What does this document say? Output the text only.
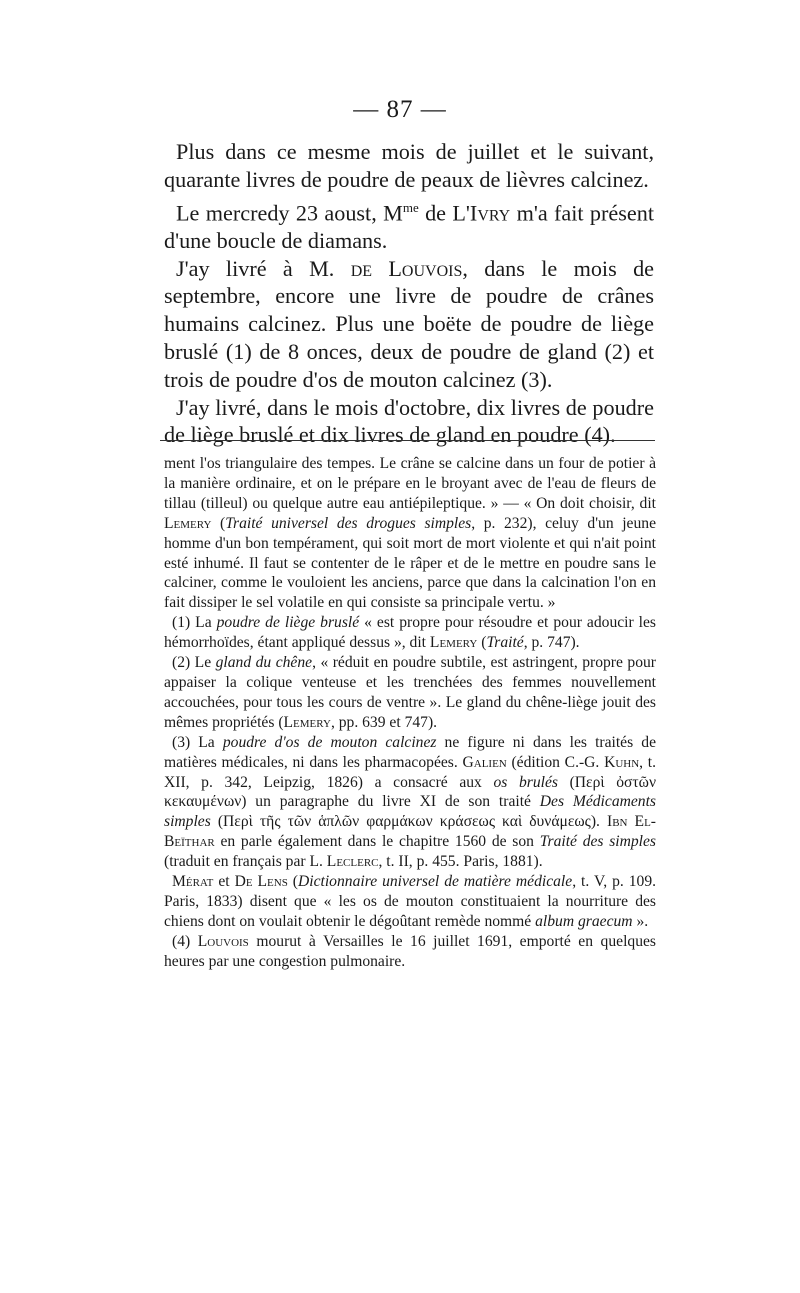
— 87 —

Plus dans ce mesme mois de juillet et le suivant, quarante livres de poudre de peaux de lièvres calcinez.

Le mercredy 23 aoust, $M^{me}$ de L'Ivry m'a fait présent d'une boucle de diamans.

J'ay livré à M. de Louvois, dans le mois de septembre, encore une livre de poudre de crânes humains calcinez. Plus une boëte de poudre de liège bruslé (1) de 8 onces, deux de poudre de gland (2) et trois de poudre d'os de mouton calcinez (3).

J'ay livré, dans le mois d'octobre, dix livres de poudre de liège bruslé et dix livres de gland en poudre (4).

ment l'os triangulaire des tempes. Le crâne se calcine dans un four de potier à la manière ordinaire, et on le prépare en le broyant avec de l'eau de fleurs de tillau (tilleul) ou quelque autre eau antiépileptique. » — « On doit choisir, dit Lemery (Traité universel des drogues simples, p. 232), celuy d'un jeune homme d'un bon tempérament, qui soit mort de mort violente et qui n'ait point esté inhumé. Il faut se contenter de le râper et de le mettre en poudre sans le calciner, comme le vouloient les anciens, parce que dans la calcination l'on en fait dissiper le sel volatile en qui consiste sa principale vertu. »

(1) La poudre de liège bruslé « est propre pour résoudre et pour adoucir les hémorrhoïdes, étant appliqué dessus », dit Lemery (Traité, p. 747).

(2) Le gland du chêne, « réduit en poudre subtile, est astringent, propre pour appaiser la colique venteuse et les trenchées des femmes nouvellement accouchées, pour tous les cours de ventre ». Le gland du chêne-liège jouit des mêmes propriétés (Lemery, pp. 639 et 747).

(3) La poudre d'os de mouton calcinez ne figure ni dans les traités de matières médicales, ni dans les pharmacopées. Galien (édition C.-G. Kuhn, t. XII, p. 342, Leipzig, 1826) a consacré aux os brulés (Περὶ ὀστῶν κεκαυμένων) un paragraphe du livre XI de son traité Des Médicaments simples (Περὶ τῆς τῶν ἁπλῶν φαρμάκων κράσεως καὶ δυνάμεως). Ibn El-Beïthar en parle également dans le chapitre 1560 de son Traité des simples (traduit en français par L. Leclerc, t. II, p. 455. Paris, 1881).

Mérat et De Lens (Dictionnaire universel de matière médicale, t. V, p. 109. Paris, 1833) disent que « les os de mouton constituaient la nourriture des chiens dont on voulait obtenir le dégoûtant remède nommé album graecum ».

(4) Louvois mourut à Versailles le 16 juillet 1691, emporté en quelques heures par une congestion pulmonaire.
